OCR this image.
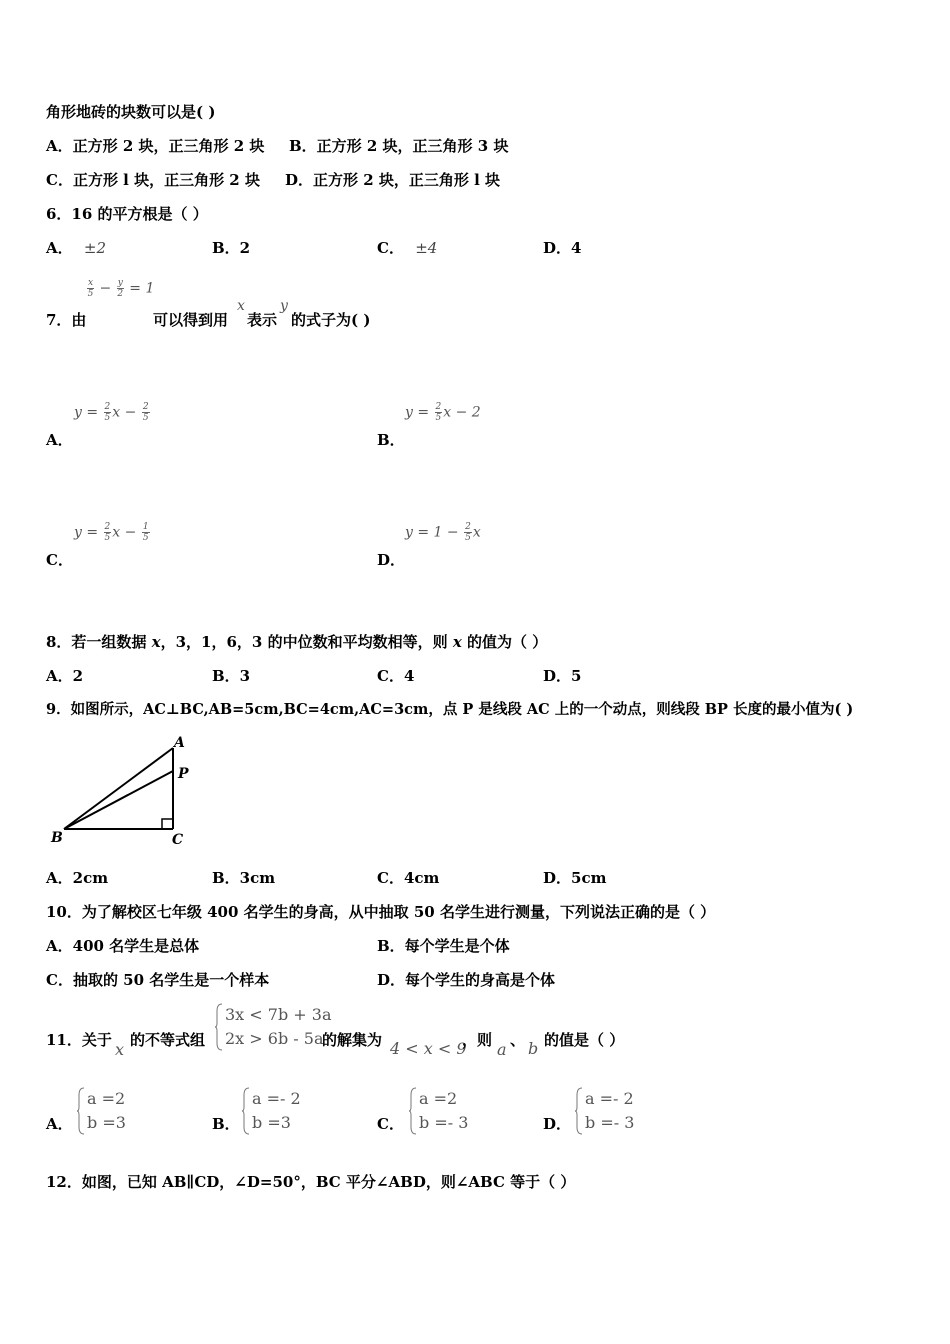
角形地砖的块数可以是( )
A．正方形 2 块，正三角形 2 块 B．正方形 2 块，正三角形 3 块
C．正方形 l 块，正三角形 2 块 D．正方形 2 块，正三角形 l 块
6．16 的平方根是（ ）
A． ±2	B．2	C． ±4	D．4
$\frac{x}{5} - \frac{y}{2} = 1$
7．由	可以得到用
x
表示
y
的式子为( )
$y = \frac{2}{5}$ $x - \frac{2}{5}$
A．
$y = \frac{2}{5}$ x − 2
B．
$y = \frac{2}{5}$ $x - \frac{1}{5}$
C．
$y = 1 - \frac{2}{5}$ x
D．
8．若一组数据 x，3，1，6，3 的中位数和平均数相等，则 x 的值为（ ）
A．2	B．3	C．4	D．5
9．如图所示，AC⊥BC,AB=5cm,BC=4cm,AC=3cm，点 P 是线段 AC 上的一个动点，则线段 BP 长度的最小值为( )
A
P
B	C
A．2cm	B．3cm	C．4cm	D．5cm
10．为了解校区七年级 400 名学生的身高，从中抽取 50 名学生进行测量，下列说法正确的是（ ）
A．400 名学生是总体	B．每个学生是个体
C．抽取的 50 名学生是一个样本	D．每个学生的身高是个体
11．关于 x 的不等式组
3x < 7b + 3a
2x > 6b - 5a
的解集为 4 < x < 9
，则 a 、 b 的值是（ ）
A．
a =2
b =3	B．
a =- 2
b =3	C．
a =2
b =- 3	D．
a =- 2
b =- 3
12．如图，已知 AB∥CD，∠D=50°，BC 平分∠ABD，则∠ABC 等于（ ）
